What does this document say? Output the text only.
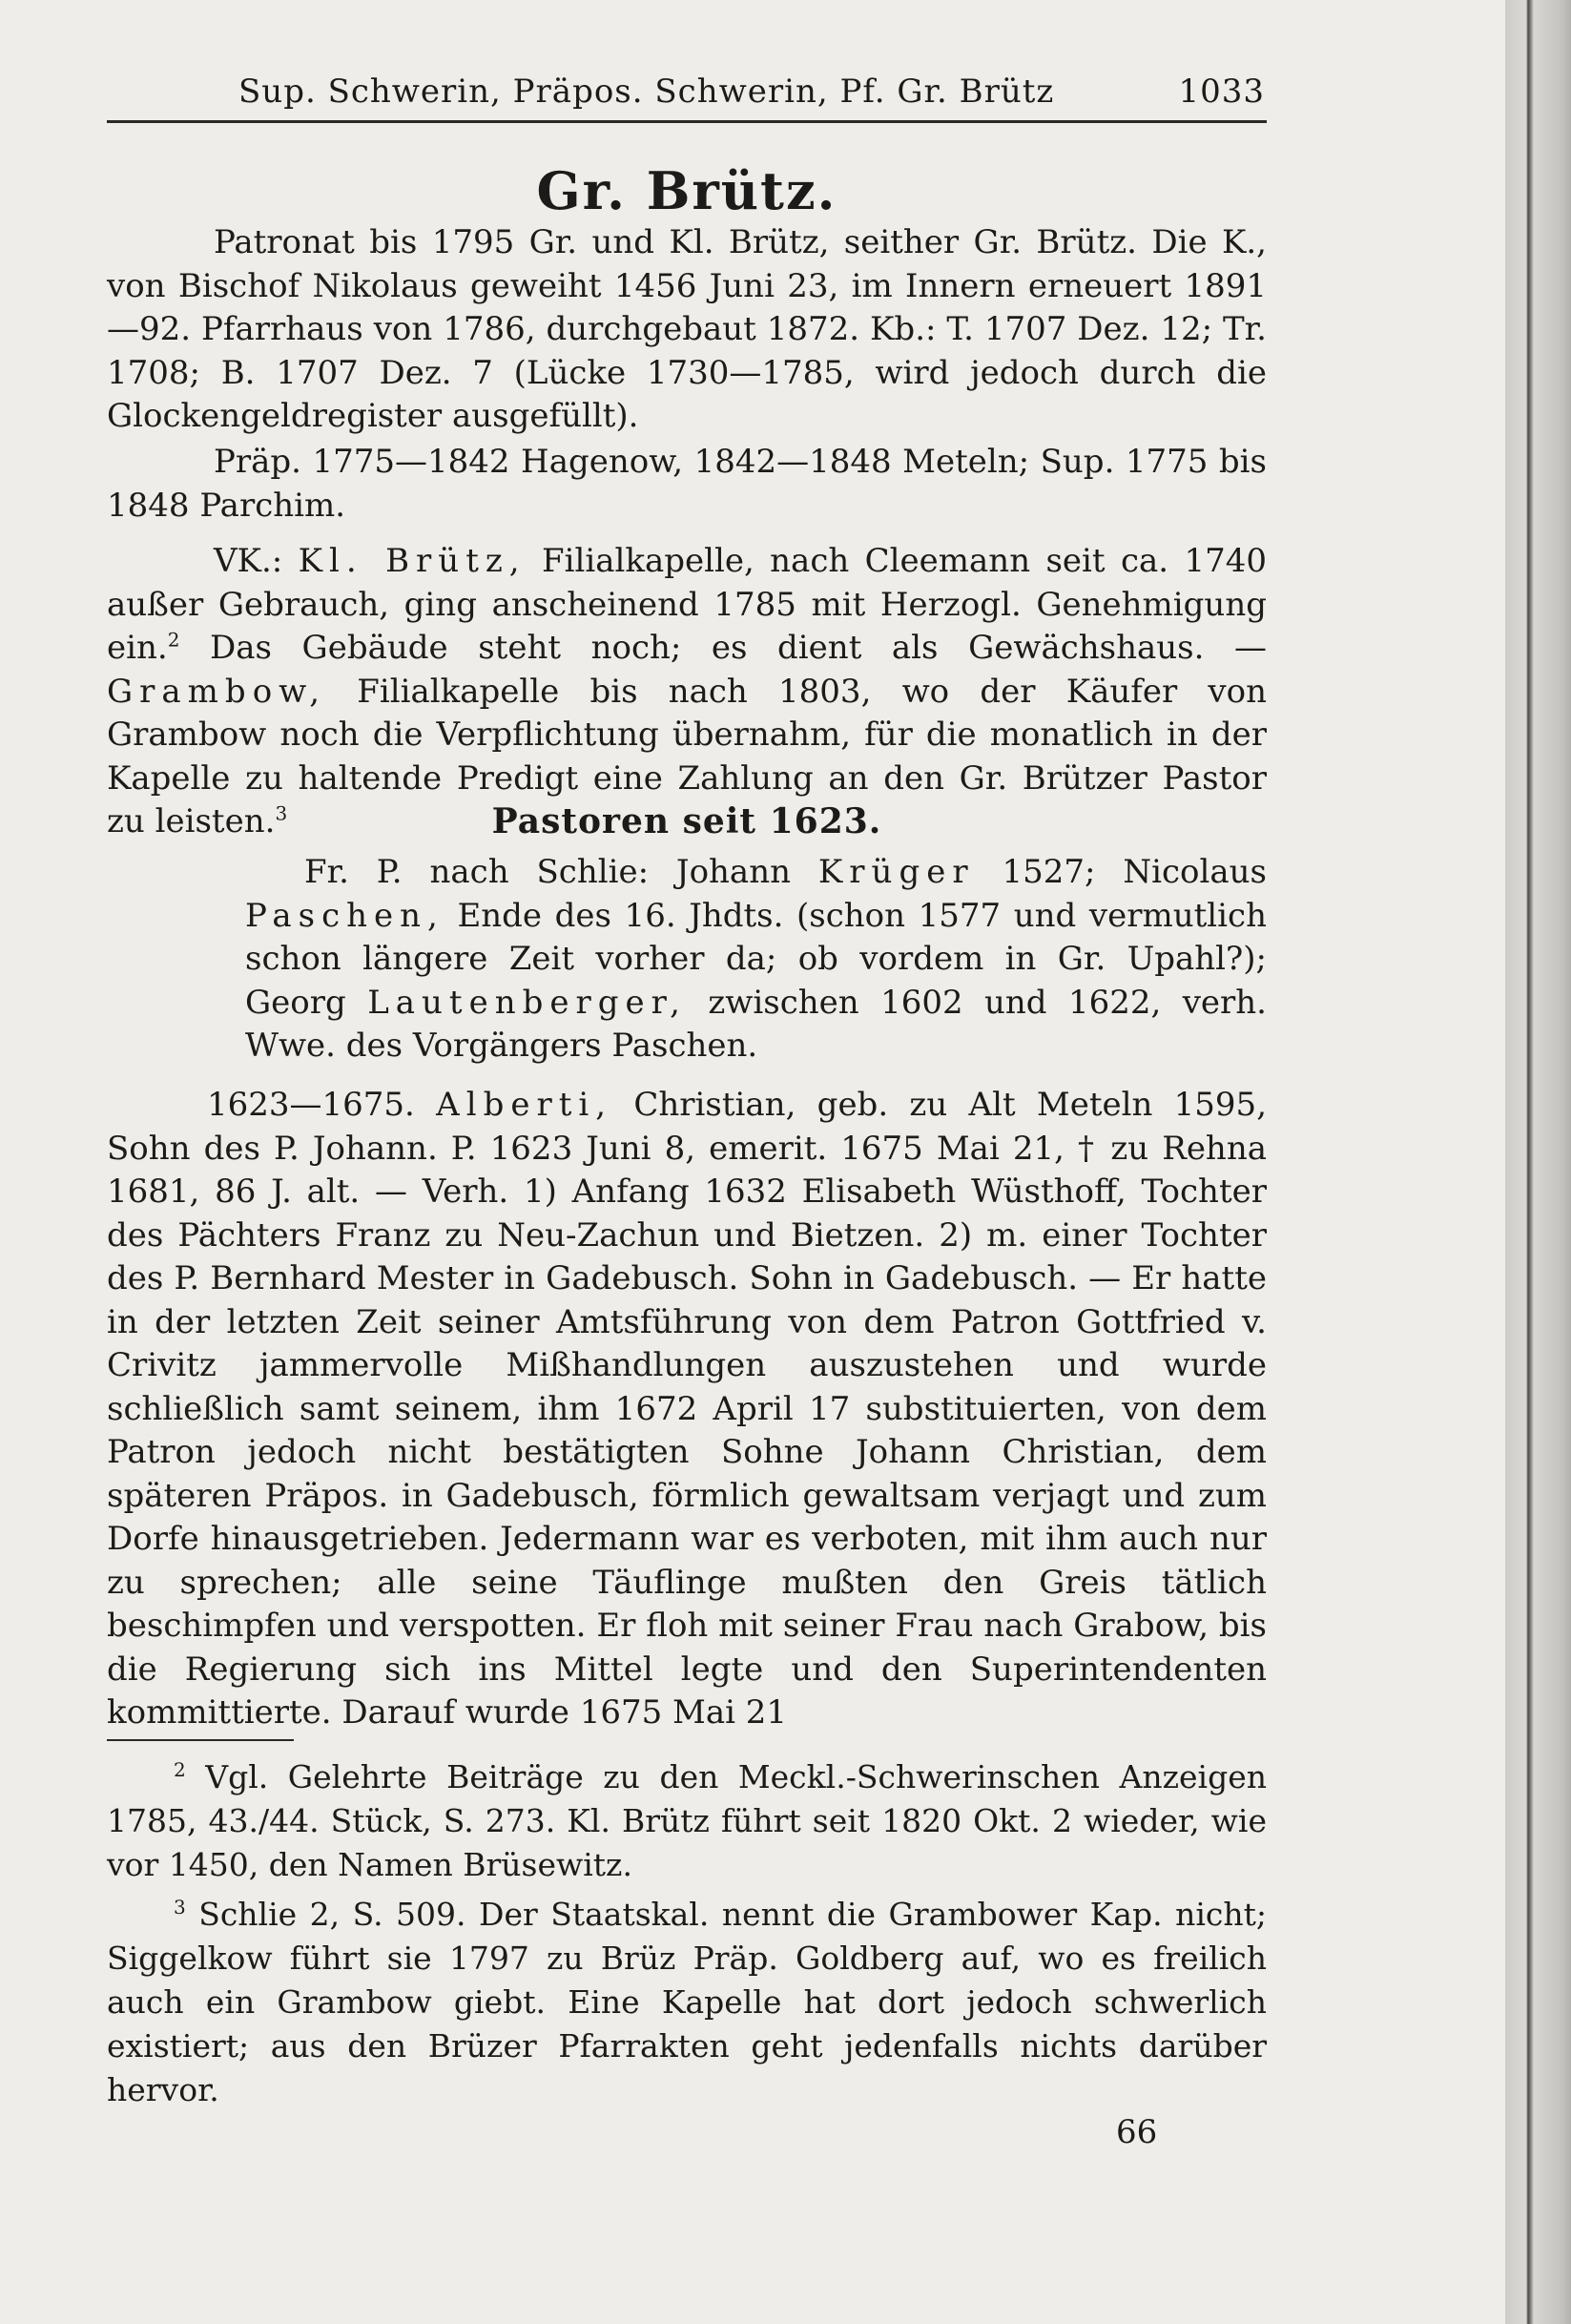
Sup. Schwerin, Präpos. Schwerin, Pf. Gr. Brütz	1033
Gr. Brütz.

Patronat bis 1795 Gr. und Kl. Brütz, seither Gr. Brütz. Die K., von Bischof Nikolaus geweiht 1456 Juni 23, im Innern erneuert 1891—92. Pfarrhaus von 1786, durchgebaut 1872. Kb.: T. 1707 Dez. 12; Tr. 1708; B. 1707 Dez. 7 (Lücke 1730—1785, wird jedoch durch die Glockengeldregister ausgefüllt).

Präp. 1775—1842 Hagenow, 1842—1848 Meteln; Sup. 1775 bis 1848 Parchim.

VK.: Kl. Brütz, Filialkapelle, nach Cleemann seit ca. 1740 außer Gebrauch, ging anscheinend 1785 mit Herzogl. Genehmigung ein.$^2$ Das Gebäude steht noch; es dient als Gewächshaus. — Grambow, Filialkapelle bis nach 1803, wo der Käufer von Grambow noch die Verpflichtung übernahm, für die monatlich in der Kapelle zu haltende Predigt eine Zahlung an den Gr. Brützer Pastor zu leisten.$^3$	Pastoren seit 1623.

Fr. P. nach Schlie: Johann Krüger 1527; Nicolaus Paschen, Ende des 16. Jhdts. (schon 1577 und vermutlich schon längere Zeit vorher da; ob vordem in Gr. Upahl?); Georg Lautenberger, zwischen 1602 und 1622, verh. Wwe. des Vorgängers Paschen.

1623—1675. Alberti, Christian, geb. zu Alt Meteln 1595, Sohn des P. Johann. P. 1623 Juni 8, emerit. 1675 Mai 21, † zu Rehna 1681, 86 J. alt. — Verh. 1) Anfang 1632 Elisabeth Wüsthoff, Tochter des Pächters Franz zu Neu-Zachun und Bietzen. 2) m. einer Tochter des P. Bernhard Mester in Gadebusch. Sohn in Gadebusch. — Er hatte in der letzten Zeit seiner Amtsführung von dem Patron Gottfried v. Crivitz jammervolle Mißhandlungen auszustehen und wurde schließlich samt seinem, ihm 1672 April 17 substituierten, von dem Patron jedoch nicht bestätigten Sohne Johann Christian, dem späteren Präpos. in Gadebusch, förmlich gewaltsam verjagt und zum Dorfe hinausgetrieben. Jedermann war es verboten, mit ihm auch nur zu sprechen; alle seine Täuflinge mußten den Greis tätlich beschimpfen und verspotten. Er floh mit seiner Frau nach Grabow, bis die Regierung sich ins Mittel legte und den Superintendenten kommittierte. Darauf wurde 1675 Mai 21

$^2$ Vgl. Gelehrte Beiträge zu den Meckl.-Schwerinschen Anzeigen 1785, 43./44. Stück, S. 273. Kl. Brütz führt seit 1820 Okt. 2 wieder, wie vor 1450, den Namen Brüsewitz.

$^3$ Schlie 2, S. 509. Der Staatskal. nennt die Grambower Kap. nicht; Siggelkow führt sie 1797 zu Brüz Präp. Goldberg auf, wo es freilich auch ein Grambow giebt. Eine Kapelle hat dort jedoch schwerlich existiert; aus den Brüzer Pfarrakten geht jedenfalls nichts darüber hervor.

66
